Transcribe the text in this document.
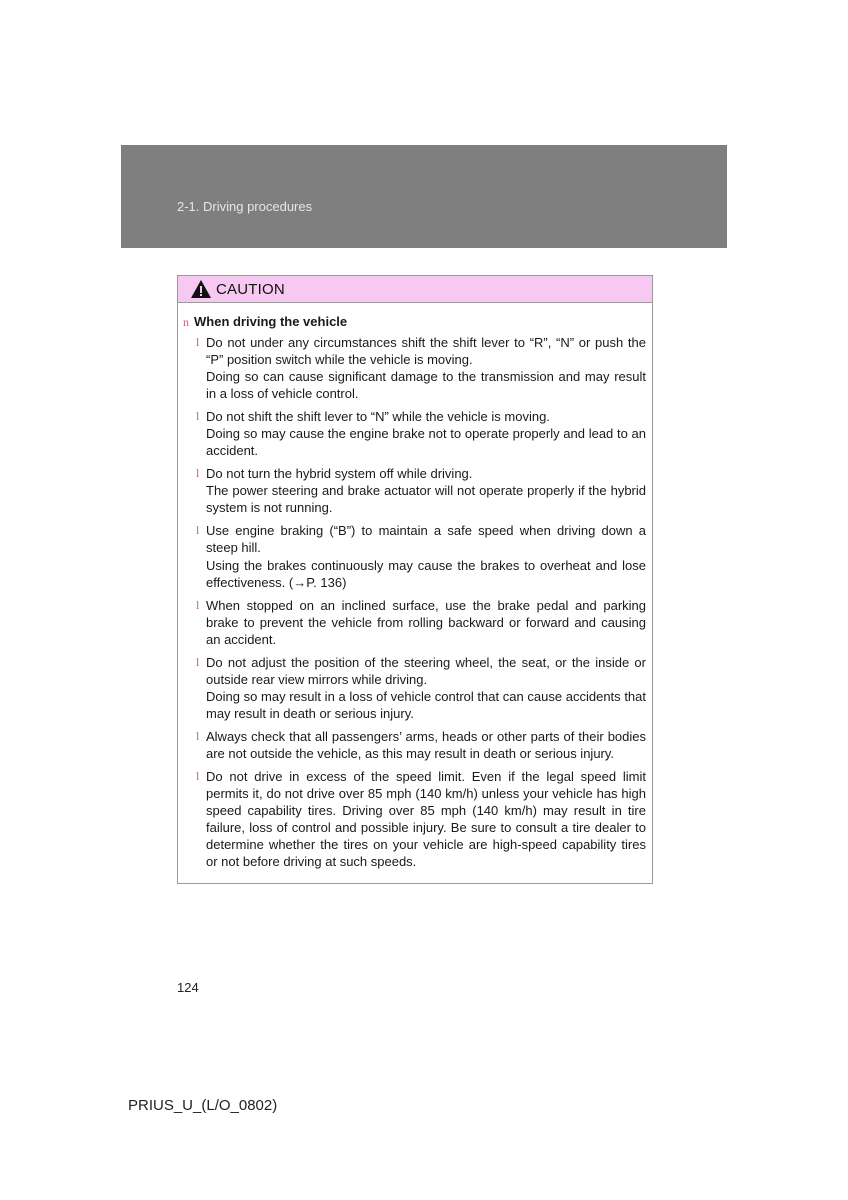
2-1. Driving procedures
CAUTION
n When driving the vehicle
l Do not under any circumstances shift the shift lever to “R”, “N” or push the “P” position switch while the vehicle is moving.

Doing so can cause significant damage to the transmission and may result in a loss of vehicle control.

l Do not shift the shift lever to “N” while the vehicle is moving.

Doing so may cause the engine brake not to operate properly and lead to an accident.

l Do not turn the hybrid system off while driving.

The power steering and brake actuator will not operate properly if the hybrid system is not running.

l Use engine braking (“B”) to maintain a safe speed when driving down a steep hill.

Using the brakes continuously may cause the brakes to overheat and lose effectiveness. (→P. 136)

l When stopped on an inclined surface, use the brake pedal and parking brake to prevent the vehicle from rolling backward or forward and causing an accident.

l Do not adjust the position of the steering wheel, the seat, or the inside or outside rear view mirrors while driving.

Doing so may result in a loss of vehicle control that can cause accidents that may result in death or serious injury.

l Always check that all passengers’ arms, heads or other parts of their bodies are not outside the vehicle, as this may result in death or serious injury.

l Do not drive in excess of the speed limit. Even if the legal speed limit permits it, do not drive over 85 mph (140 km/h) unless your vehicle has high speed capability tires. Driving over 85 mph (140 km/h) may result in tire failure, loss of control and possible injury. Be sure to consult a tire dealer to determine whether the tires on your vehicle are high-speed capability tires or not before driving at such speeds.

124
PRIUS_U_(L/O_0802)
